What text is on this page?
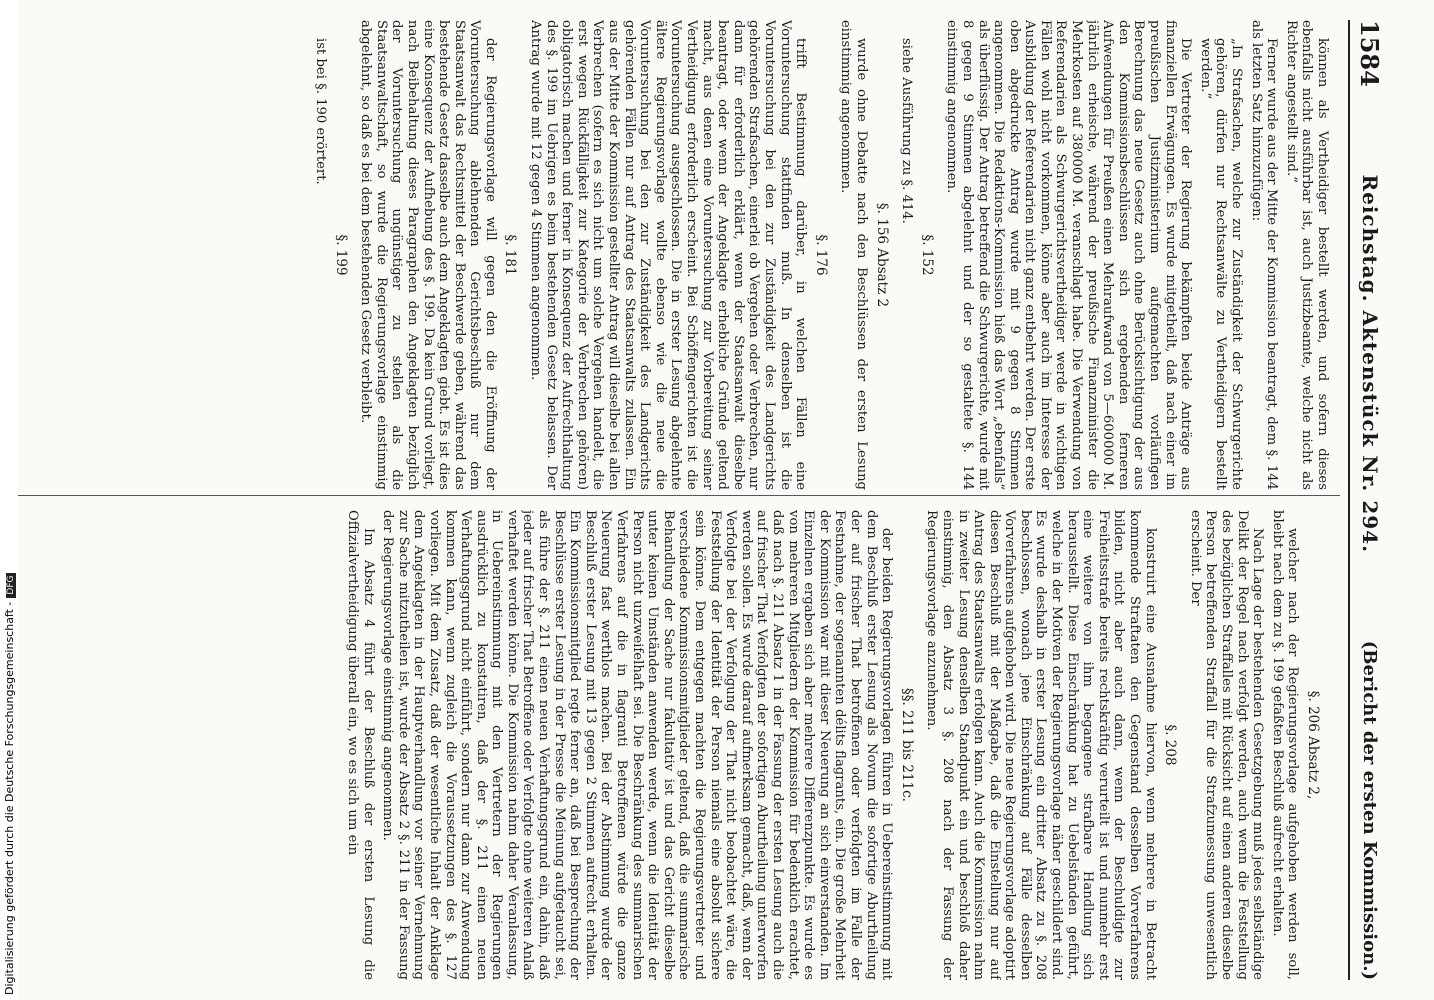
1584
Reichstag. Aktenstück Nr. 294.
(Bericht der ersten Kommission.)

können als Vertheidiger bestellt werden, und sofern dieses ebenfalls nicht ausführbar ist, auch Justizbeamte, welche nicht als Richter angestellt sind.“

Ferner wurde aus der Mitte der Kommission beantragt, dem §. 144 als letzten Satz hinzuzufügen:

„In Strafsachen, welche zur Zuständigkeit der Schwurgerichte gehören, dürfen nur Rechtsanwälte zu Vertheidigern bestellt werden.“

Die Vertreter der Regierung bekämpften beide Anträge aus finanziellen Erwägungen. Es wurde mitgetheilt, daß nach einer im preußischen Justizministerium aufgemachten vorläufigen Berechnung das neue Gesetz auch ohne Berücksichtigung der aus den Kommissionsbeschlüssen sich ergebenden ferneren Aufwendungen für Preußen einen Mehraufwand von 5—600000 M. jährlich erheische, während der preußische Finanzminister die Mehrkosten auf 380000 M. veranschlagt habe. Die Verwendung von Referendarien als Schwurgerichtsvertheidiger werde in wichtigen Fällen wohl nicht vorkommen, könne aber auch im Interesse der Ausbildung der Referendarien nicht ganz entbehrt werden. Der erste oben abgedruckte Antrag wurde mit 9 gegen 8 Stimmen angenommen. Die Redaktions-Kommission hieß das Wort „ebenfalls“ als überflüssig. Der Antrag betreffend die Schwurgerichte, wurde mit 8 gegen 9 Stimmen abgelehnt und der so gestaltete §. 144 einstimmig angenommen.

§. 152

siehe Ausführung zu §. 414.

§. 156 Absatz 2

wurde ohne Debatte nach den Beschlüssen der ersten Lesung einstimmig angenommen.

§. 176

trifft Bestimmung darüber, in welchen Fällen eine Voruntersuchung stattfinden muß. In denselben ist die Voruntersuchung bei den zur Zuständigkeit des Landgerichts gehörenden Strafsachen, einerlei ob Vergehen oder Verbrechen, nur dann für erforderlich erklärt, wenn der Staatsanwalt dieselbe beantragt, oder wenn der Angeklagte erhebliche Gründe geltend macht, aus denen eine Voruntersuchung zur Vorbereitung seiner Vertheidigung erforderlich erscheint. Bei Schöffengerichten ist die Voruntersuchung ausgeschlossen. Die in erster Lesung abgelehnte ältere Regierungsvorlage wollte ebenso wie die neue die Voruntersuchung bei den zur Zuständigkeit des Landgerichts gehörenden Fällen nur auf Antrag des Staatsanwalts zulassen. Ein aus der Mitte der Kommission gestellter Antrag will dieselbe bei allen Verbrechen (sofern es sich nicht um solche Vergehen handelt, die erst wegen Rückfälligkeit zur Kategorie der Verbrechen gehören) obligatorisch machen und ferner in Konsequenz der Aufrechthaltung des §. 199 im Uebrigen es beim bestehenden Gesetz belassen. Der Antrag wurde mit 12 gegen 4 Stimmen angenommen.

§. 181

der Regierungsvorlage will gegen den die Eröffnung der Voruntersuchung ablehnenden Gerichtsbeschluß nur dem Staatsanwalt das Rechtsmittel der Beschwerde geben, während das bestehende Gesetz dasselbe auch dem Angeklagten giebt. Es ist dies eine Konsequenz der Aufhebung des §. 199. Da kein Grund vorliegt, nach Beibehaltung dieses Paragraphen den Angeklagten bezüglich der Voruntersuchung ungünstiger zu stellen als die Staatsanwaltschaft, so wurde die Regierungsvorlage einstimmig abgelehnt, so daß es bei dem bestehenden Gesetz verbleibt.

§. 199

ist bei §. 190 erörtert.

§. 206 Absatz 2,

welcher nach der Regierungsvorlage aufgehoben werden soll, bleibt nach dem zu §. 199 gefaßten Beschluß aufrecht erhalten.

Nach Lage der bestehenden Gesetzgebung muß jedes selbständige Delikt der Regel nach verfolgt werden, auch wenn die Feststellung des bezüglichen Straffalles mit Rücksicht auf einen anderen dieselbe Person betreffenden Straffall für die Strafzumessung unwesentlich erscheint. Der

§. 208

konstruirt eine Ausnahme hiervon, wenn mehrere in Betracht kommende Straftaten den Gegenstand desselben Vorverfahrens bilden, nicht aber auch dann, wenn der Beschuldigte zur Freiheitsstrafe bereits rechtskräftig verurteilt ist und nunmehr erst eine weitere von ihm begangene strafbare Handlung sich herausstellt. Diese Einschränkung hat zu Uebelständen geführt, welche in der Motiven der Regierungsvorlage näher geschildert sind. Es wurde deshalb in erster Lesung ein dritter Absatz zu §. 208 beschlossen, wonach jene Einschränkung auf Fälle desselben Vorverfahrens aufgehoben wird. Die neue Regierungsvorlage adoptirt diesen Beschluß mit der Maßgabe, daß die Einstellung nur auf Antrag des Staatsanwalts erfolgen kann. Auch die Kommission nahm in zweiter Lesung denselben Standpunkt ein und beschloß daher einstimmig, den Absatz 3 §. 208 nach der Fassung der Regierungsvorlage anzunehmen.

§§. 211 bis 211c.

der beiden Regierungsvorlagen führen in Uebereinstimmung mit dem Beschluß erster Lesung als Novum die sofortige Aburtheilung der auf frischer That betroffenen oder verfolgten im Falle der Festnahme, der sogenannten délits flagrants, ein. Die große Mehrheit der Kommission war mit dieser Neuerung an sich einverstanden. Im Einzelnen ergaben sich aber mehrere Differenzpunkte. Es wurde es von mehreren Mitgliedern der Kommission für bedenklich erachtet, daß nach §. 211 Absatz 1 in der Fassung der ersten Lesung auch die auf frischer That Verfolgten der sofortigen Aburtheilung unterworfen werden sollen. Es wurde darauf aufmerksam gemacht, daß, wenn der Verfolgte bei der Verfolgung der That nicht beobachtet wäre, die Feststellung der Identität der Person niemals eine absolut sichere sein könne. Dem entgegen machten die Regierungsvertreter und verschiedene Kommissionsmitglieder geltend, daß die summarische Behandlung der Sache nur fakultativ ist und das Gericht dieselbe unter keinen Umständen anwenden werde, wenn die Identität der Person nicht unzweifelhaft sei. Die Beschränkung des summarischen Verfahrens auf die in flagranti Betroffenen würde die ganze Neuerung fast werthlos machen. Bei der Abstimmung wurde der Beschluß erster Lesung mit 13 gegen 2 Stimmen aufrecht erhalten. Ein Kommissionsmitglied regte ferner an, daß bei Besprechung der Beschlüsse erster Lesung in der Presse die Meinung aufgetaucht sei, als führe der §. 211 einen neuen Verhaftungsgrund ein, dahin, daß jeder auf frischer That Betroffene oder Verfolgte ohne weiteren Anlaß verhaftet werden könne. Die Kommission nahm daher Veranlassung, in Uebereinstimmung mit den Vertretern der Regierungen ausdrücklich zu konstatiren, daß der §. 211 einen neuen Verhaftungsgrund nicht einführt, sondern nur dann zur Anwendung kommen kann, wenn zugleich die Voraussetzungen des §. 127 vorliegen. Mit dem Zusatz, daß der wesentliche Inhalt der Anklage dem Angeklagten in der Hauptverhandlung vor seiner Vernehmung zur Sache mitzutheilen ist, wurde der Absatz 2 §. 211 in der Fassung der Regierungsvorlage einstimmig angenommen.

Im Absatz 4 führt der Beschluß der ersten Lesung die Offizialvertheidigung überall ein, wo es sich um ein

Digitalisierung gefördert durch die Deutsche Forschungsgemeinschaft -DFG
